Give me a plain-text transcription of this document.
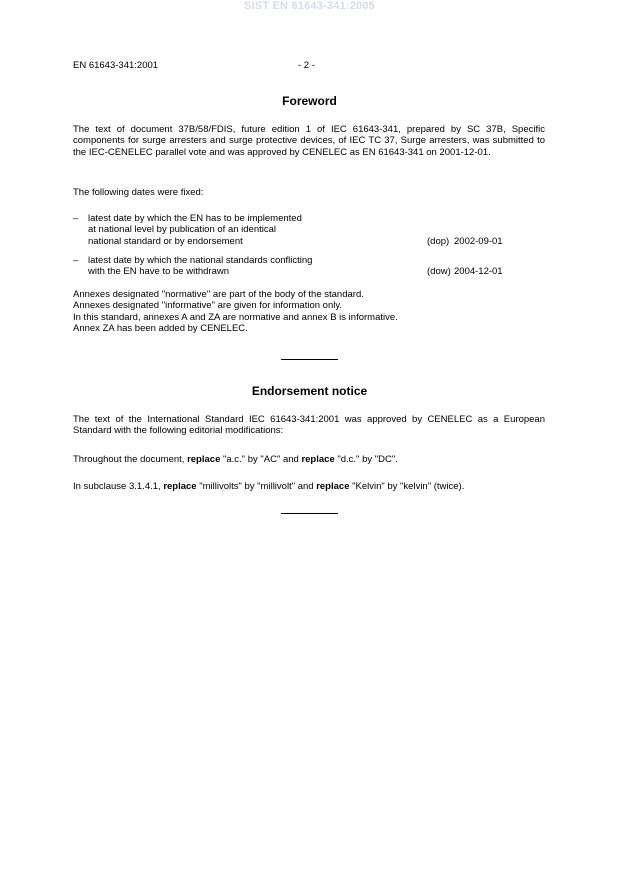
SIST EN 61643-341:2005
EN 61643-341:2001	- 2 -
Foreword
The text of document 37B/58/FDIS, future edition 1 of IEC 61643-341, prepared by SC 37B, Specific components for surge arresters and surge protective devices, of IEC TC 37, Surge arresters, was submitted to the IEC-CENELEC parallel vote and was approved by CENELEC as EN 61643-341 on 2001-12-01.
The following dates were fixed:
– latest date by which the EN has to be implemented
at national level by publication of an identical
national standard or by endorsement	(dop) 2002-09-01
– latest date by which the national standards conflicting
with the EN have to be withdrawn	(dow) 2004-12-01
Annexes designated "normative" are part of the body of the standard.
Annexes designated "informative" are given for information only.
In this standard, annexes A and ZA are normative and annex B is informative.
Annex ZA has been added by CENELEC.
Endorsement notice
The text of the International Standard IEC 61643-341:2001 was approved by CENELEC as a European Standard with the following editorial modifications:
Throughout the document, replace "a.c." by "AC" and replace "d.c." by "DC".
In subclause 3.1.4.1, replace "millivolts" by "millivolt" and replace "Kelvin" by "kelvin" (twice).
